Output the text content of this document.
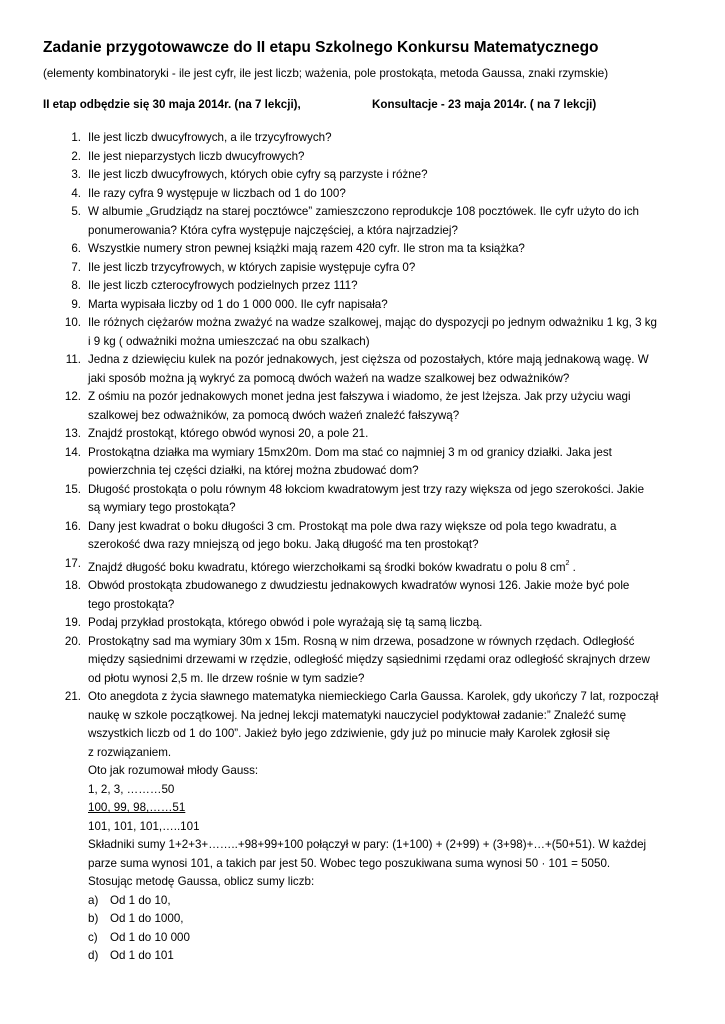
Zadanie przygotowawcze do II etapu Szkolnego Konkursu Matematycznego
(elementy kombinatoryki - ile jest cyfr, ile jest liczb; ważenia, pole prostokąta, metoda Gaussa, znaki rzymskie)
II etap odbędzie się 30 maja 2014r. (na 7 lekcji),	Konsultacje - 23 maja 2014r. ( na 7 lekcji)
1. Ile jest liczb dwucyfrowych, a ile trzycyfrowych?
2. Ile jest nieparzystych liczb dwucyfrowych?
3. Ile jest liczb dwucyfrowych, których obie cyfry są parzyste i różne?
4. Ile razy cyfra 9 występuje w liczbach od 1 do 100?
5. W albumie „Grudziądz na starej pocztówce” zamieszczono reprodukcje 108 pocztówek. Ile cyfr użyto do ich
ponumerowania? Która cyfra występuje najczęściej, a która najrzadziej?
6. Wszystkie numery stron pewnej książki mają razem 420 cyfr. Ile stron ma ta książka?
7. Ile jest liczb trzycyfrowych, w których zapisie występuje cyfra 0?
8. Ile jest liczb czterocyfrowych podzielnych przez 111?
9. Marta wypisała liczby od 1 do 1 000 000. Ile cyfr napisała?
10. Ile różnych ciężarów można zważyć na wadze szalkowej, mając do dyspozycji po jednym odważniku 1 kg, 3 kg
i 9 kg ( odważniki można umieszczać na obu szalkach)
11. Jedna z dziewięciu kulek na pozór jednakowych, jest cięższa od pozostałych, które mają jednakową wagę. W
jaki sposób można ją wykryć za pomocą dwóch ważeń na wadze szalkowej bez odważników?
12. Z ośmiu na pozór jednakowych monet jedna jest fałszywa i wiadomo, że jest lżejsza. Jak przy użyciu wagi
szalkowej bez odważników, za pomocą dwóch ważeń znaleźć fałszywą?
13. Znajdź prostokąt, którego obwód wynosi 20, a pole 21.
14. Prostokątna działka ma wymiary 15mx20m. Dom ma stać co najmniej 3 m od granicy działki. Jaka jest
powierzchnia tej części działki, na której można zbudować dom?
15. Długość prostokąta o polu równym 48 łokciom kwadratowym jest trzy razy większa od jego szerokości. Jakie
są wymiary tego prostokąta?
16. Dany jest kwadrat o boku długości 3 cm. Prostokąt ma pole dwa razy większe od pola tego kwadratu, a
szerokość dwa razy mniejszą od jego boku. Jaką długość ma ten prostokąt?
17. Znajdź długość boku kwadratu, którego wierzchołkami są środki boków kwadratu o polu 8 $cm^2$ .
18. Obwód prostokąta zbudowanego z dwudziestu jednakowych kwadratów wynosi 126. Jakie może być pole
tego prostokąta?
19. Podaj przykład prostokąta, którego obwód i pole wyrażają się tą samą liczbą.
20. Prostokątny sad ma wymiary 30m x 15m. Rosną w nim drzewa, posadzone w równych rzędach. Odległość
między sąsiednimi drzewami w rzędzie, odległość między sąsiednimi rzędami oraz odległość skrajnych drzew
od płotu wynosi 2,5 m. Ile drzew rośnie w tym sadzie?
21. Oto anegdota z życia sławnego matematyka niemieckiego Carla Gaussa. Karolek, gdy ukończy 7 lat, rozpoczął
naukę w szkole początkowej. Na jednej lekcji matematyki nauczyciel podyktował zadanie:” Znaleźć sumę
wszystkich liczb od 1 do 100”. Jakież było jego zdziwienie, gdy już po minucie mały Karolek zgłosił się
z rozwiązaniem.
Oto jak rozumował młody Gauss:
1, 2, 3, ………50
100, 99, 98,……51
101, 101, 101,…..101
Składniki sumy 1+2+3+……..+98+99+100 połączył w pary: (1+100) + (2+99) + (3+98)+…+(50+51). W każdej
parze suma wynosi 101, a takich par jest 50. Wobec tego poszukiwana suma wynosi 50 · 101 = 5050.
Stosując metodę Gaussa, oblicz sumy liczb:
a) Od 1 do 10,
b) Od 1 do 1000,
c) Od 1 do 10 000
d) Od 1 do 101
